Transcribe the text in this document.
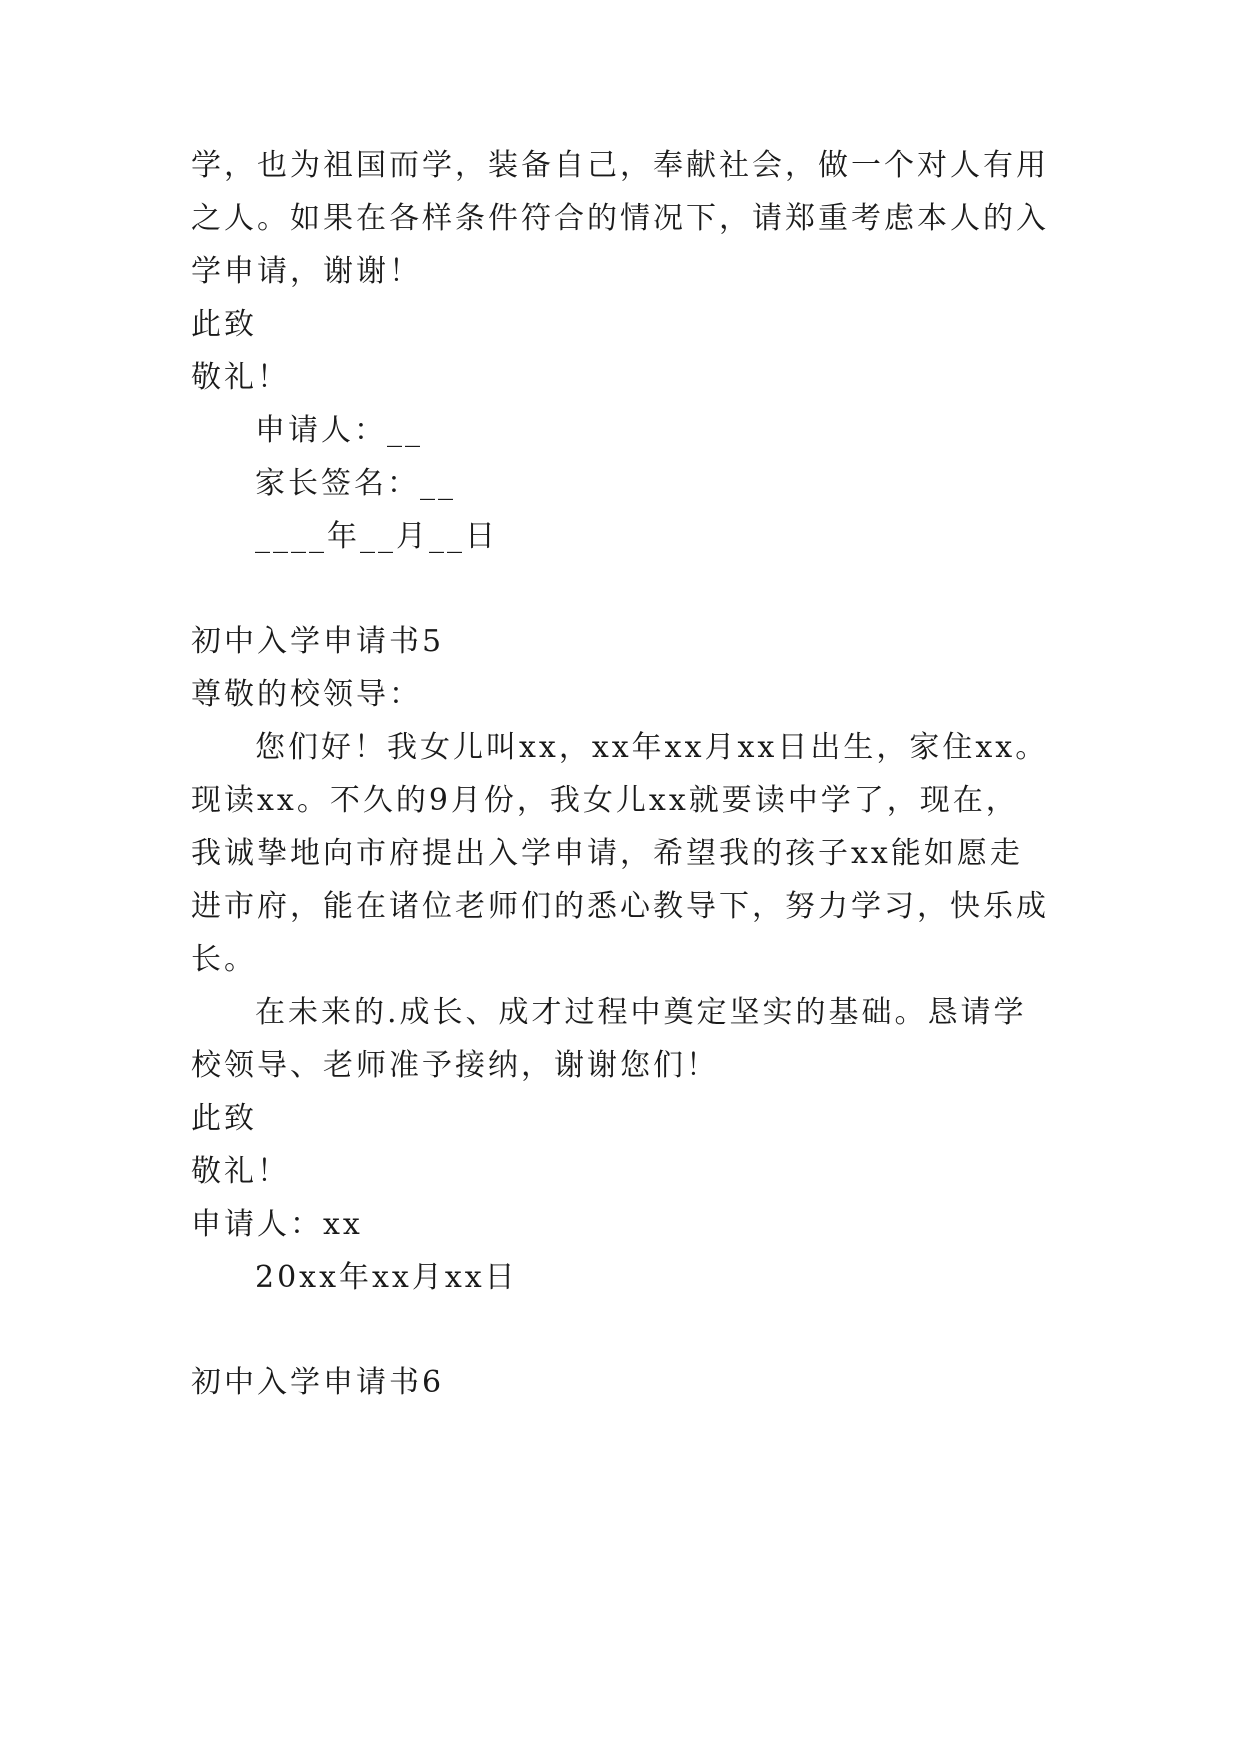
学，也为祖国而学，装备自己，奉献社会，做一个对人有用
之人。如果在各样条件符合的情况下，请郑重考虑本人的入
学申请，谢谢！
此致
敬礼！
申请人：__
家长签名：__
____年__月__日
初中入学申请书5
尊敬的校领导：
您们好！我女儿叫xx，xx年xx月xx日出生，家住xx。
现读xx。不久的9月份，我女儿xx就要读中学了，现在，
我诚挚地向市府提出入学申请，希望我的孩子xx能如愿走
进市府，能在诸位老师们的悉心教导下，努力学习，快乐成
长。
在未来的.成长、成才过程中奠定坚实的基础。恳请学
校领导、老师准予接纳，谢谢您们！
此致
敬礼！
申请人：xx
20xx年xx月xx日
初中入学申请书6
